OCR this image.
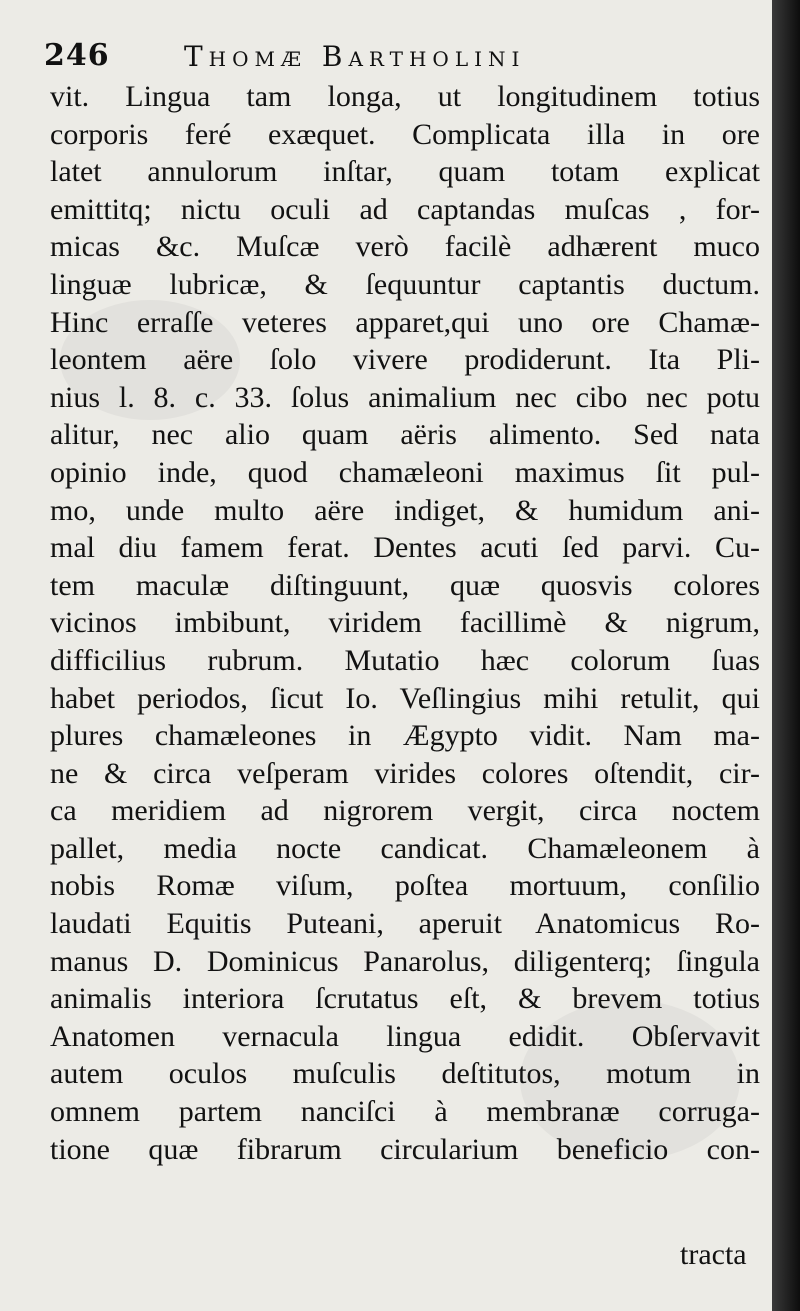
246	Thomæ Bartholini
vit. Lingua tam longa, ut longitudinem totius
corporis feré exæquet. Complicata illa in ore
latet annulorum inſtar, quam totam explicat
emittitq; nictu oculi ad captandas muſcas , for-
micas &c. Muſcæ verò facilè adhærent muco
linguæ lubricæ, & ſequuntur captantis ductum.
Hinc erraſſe veteres apparet,qui uno ore Chamæ-
leontem aëre ſolo vivere prodiderunt. Ita Pli-
nius l. 8. c. 33. ſolus animalium nec cibo nec potu
alitur, nec alio quam aëris alimento. Sed nata
opinio inde, quod chamæleoni maximus ſit pul-
mo, unde multo aëre indiget, & humidum ani-
mal diu famem ferat. Dentes acuti ſed parvi. Cu-
tem maculæ diſtinguunt, quæ quosvis colores
vicinos imbibunt, viridem facillimè & nigrum,
difficilius rubrum. Mutatio hæc colorum ſuas
habet periodos, ſicut Io. Veſlingius mihi retulit, qui
plures chamæleones in Ægypto vidit. Nam ma-
ne & circa veſperam virides colores oſtendit, cir-
ca meridiem ad nigrorem vergit, circa noctem
pallet, media nocte candicat. Chamæleonem à
nobis Romæ viſum, poſtea mortuum, conſilio
laudati Equitis Puteani, aperuit Anatomicus Ro-
manus D. Dominicus Panarolus, diligenterq; ſingula
animalis interiora ſcrutatus eſt, & brevem totius
Anatomen vernacula lingua edidit. Obſervavit
autem oculos muſculis deſtitutos, motum in
omnem partem nanciſci à membranæ corruga-
tione quæ fibrarum circularium beneficio con-
tracta
